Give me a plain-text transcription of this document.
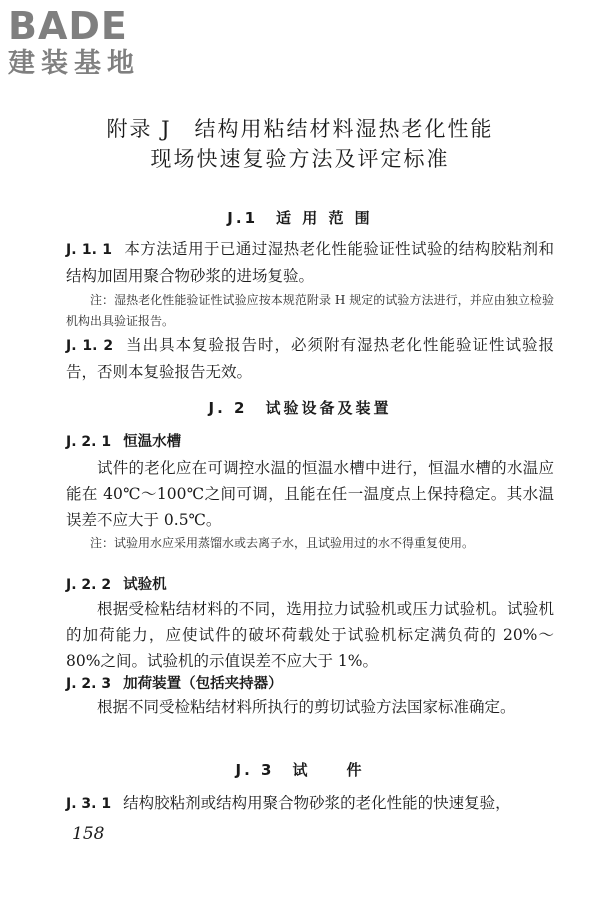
BADE
建装基地
附录 J　结构用粘结材料湿热老化性能
现场快速复验方法及评定标准
J.1　适 用 范 围

J. 1. 1 本方法适用于已通过湿热老化性能验证性试验的结构胶粘剂和结构加固用聚合物砂浆的进场复验。

注：湿热老化性能验证性试验应按本规范附录 H 规定的试验方法进行，并应由独立检验机构出具验证报告。

J. 1. 2 当出具本复验报告时，必须附有湿热老化性能验证性试验报告，否则本复验报告无效。

J. 2　试验设备及装置
J. 2. 1 恒温水槽

试件的老化应在可调控水温的恒温水槽中进行，恒温水槽的水温应能在 40℃～100℃之间可调，且能在任一温度点上保持稳定。其水温误差不应大于 0.5℃。

注：试验用水应采用蒸馏水或去离子水，且试验用过的水不得重复使用。

J. 2. 2 试验机

根据受检粘结材料的不同，选用拉力试验机或压力试验机。试验机的加荷能力，应使试件的破坏荷载处于试验机标定满负荷的 20%～80%之间。试验机的示值误差不应大于 1%。

J. 2. 3 加荷装置（包括夹持器）

根据不同受检粘结材料所执行的剪切试验方法国家标准确定。

J. 3　试　　件

J. 3. 1 结构胶粘剂或结构用聚合物砂浆的老化性能的快速复验，

158
